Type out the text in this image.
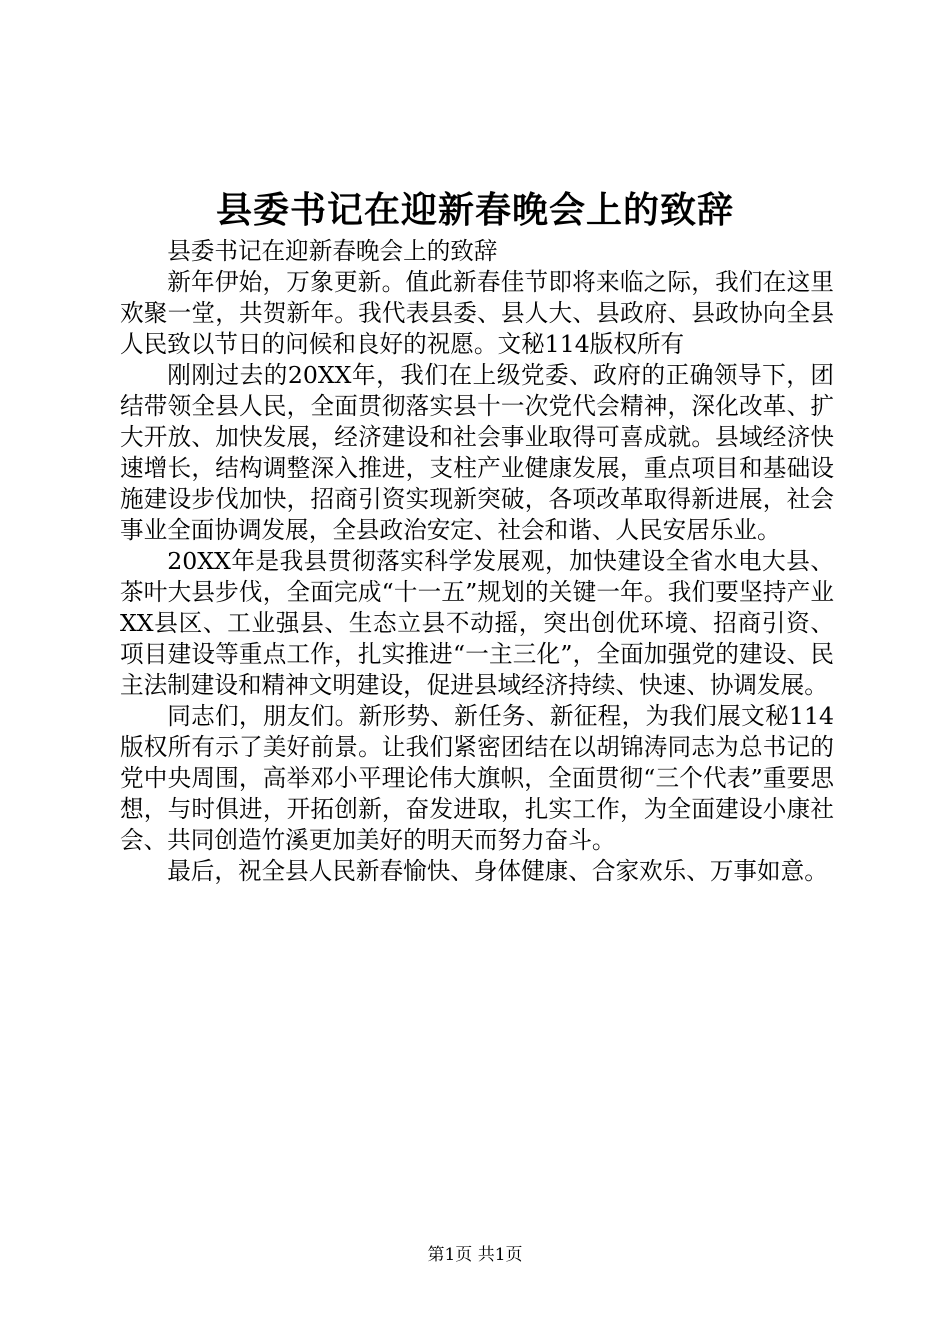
县委书记在迎新春晚会上的致辞

县委书记在迎新春晚会上的致辞

新年伊始，万象更新。值此新春佳节即将来临之际，我们在这里欢聚一堂，共贺新年。我代表县委、县人大、县政府、县政协向全县人民致以节日的问候和良好的祝愿。文秘114版权所有

刚刚过去的20XX年，我们在上级党委、政府的正确领导下，团结带领全县人民，全面贯彻落实县十一次党代会精神，深化改革、扩大开放、加快发展，经济建设和社会事业取得可喜成就。县域经济快速增长，结构调整深入推进，支柱产业健康发展，重点项目和基础设施建设步伐加快，招商引资实现新突破，各项改革取得新进展，社会事业全面协调发展，全县政治安定、社会和谐、人民安居乐业。

20XX年是我县贯彻落实科学发展观，加快建设全省水电大县、茶叶大县步伐，全面完成“十一五”规划的关键一年。我们要坚持产业XX县区、工业强县、生态立县不动摇，突出创优环境、招商引资、项目建设等重点工作，扎实推进“一主三化”，全面加强党的建设、民主法制建设和精神文明建设，促进县域经济持续、快速、协调发展。

同志们，朋友们。新形势、新任务、新征程，为我们展文秘114版权所有示了美好前景。让我们紧密团结在以胡锦涛同志为总书记的党中央周围，高举邓小平理论伟大旗帜，全面贯彻“三个代表”重要思想，与时俱进，开拓创新，奋发进取，扎实工作，为全面建设小康社会、共同创造竹溪更加美好的明天而努力奋斗。

最后，祝全县人民新春愉快、身体健康、合家欢乐、万事如意。

第1页 共1页
